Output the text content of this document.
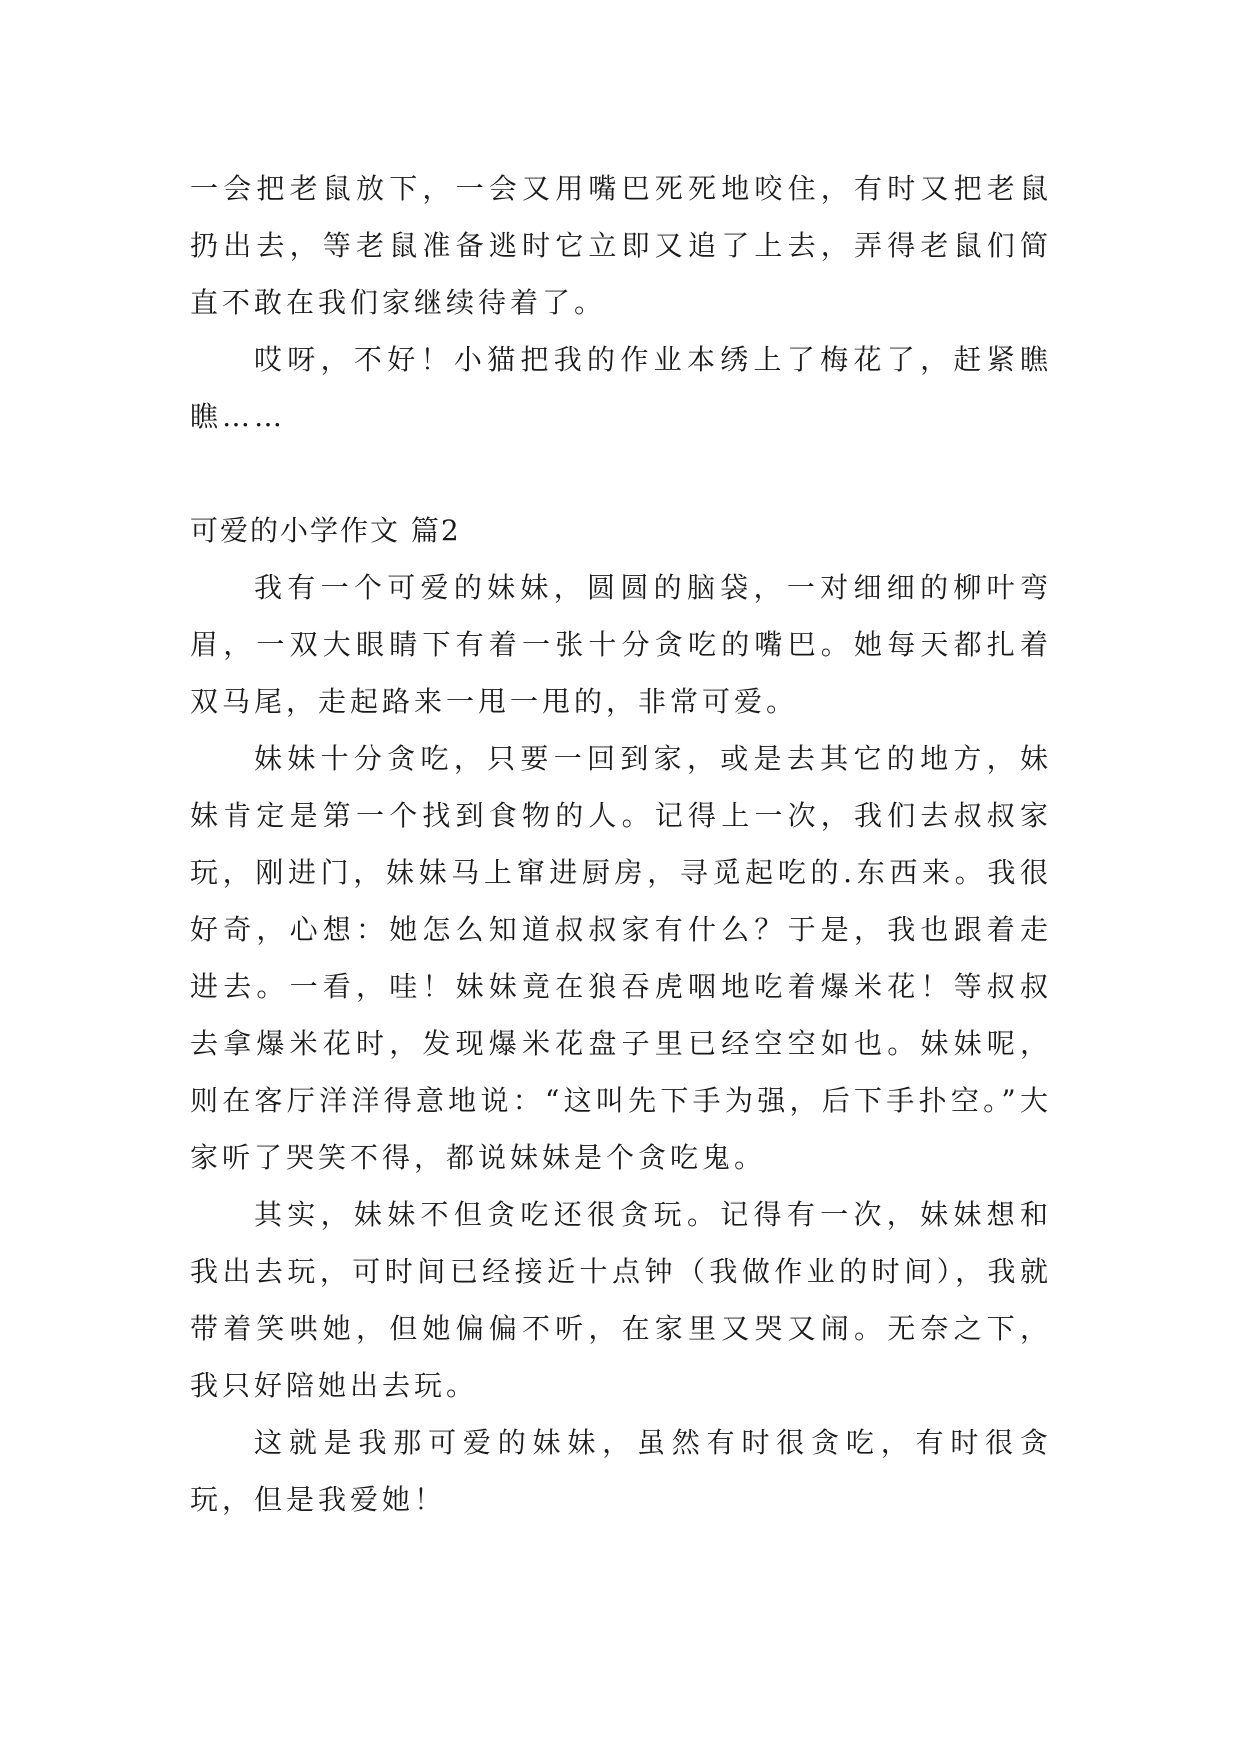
一会把老鼠放下，一会又用嘴巴死死地咬住，有时又把老鼠扔出去，等老鼠准备逃时它立即又追了上去，弄得老鼠们简直不敢在我们家继续待着了。

哎呀，不好！小猫把我的作业本绣上了梅花了，赶紧瞧瞧……

可爱的小学作文 篇2

我有一个可爱的妹妹，圆圆的脑袋，一对细细的柳叶弯眉，一双大眼睛下有着一张十分贪吃的嘴巴。她每天都扎着双马尾，走起路来一甩一甩的，非常可爱。

妹妹十分贪吃，只要一回到家，或是去其它的地方，妹妹肯定是第一个找到食物的人。记得上一次，我们去叔叔家玩，刚进门，妹妹马上窜进厨房，寻觅起吃的.东西来。我很好奇，心想：她怎么知道叔叔家有什么？于是，我也跟着走进去。一看，哇！妹妹竟在狼吞虎咽地吃着爆米花！等叔叔去拿爆米花时，发现爆米花盘子里已经空空如也。妹妹呢，则在客厅洋洋得意地说：“这叫先下手为强，后下手扑空。”大家听了哭笑不得，都说妹妹是个贪吃鬼。

其实，妹妹不但贪吃还很贪玩。记得有一次，妹妹想和我出去玩，可时间已经接近十点钟（我做作业的时间），我就带着笑哄她，但她偏偏不听，在家里又哭又闹。无奈之下，我只好陪她出去玩。

这就是我那可爱的妹妹，虽然有时很贪吃，有时很贪玩，但是我爱她！
